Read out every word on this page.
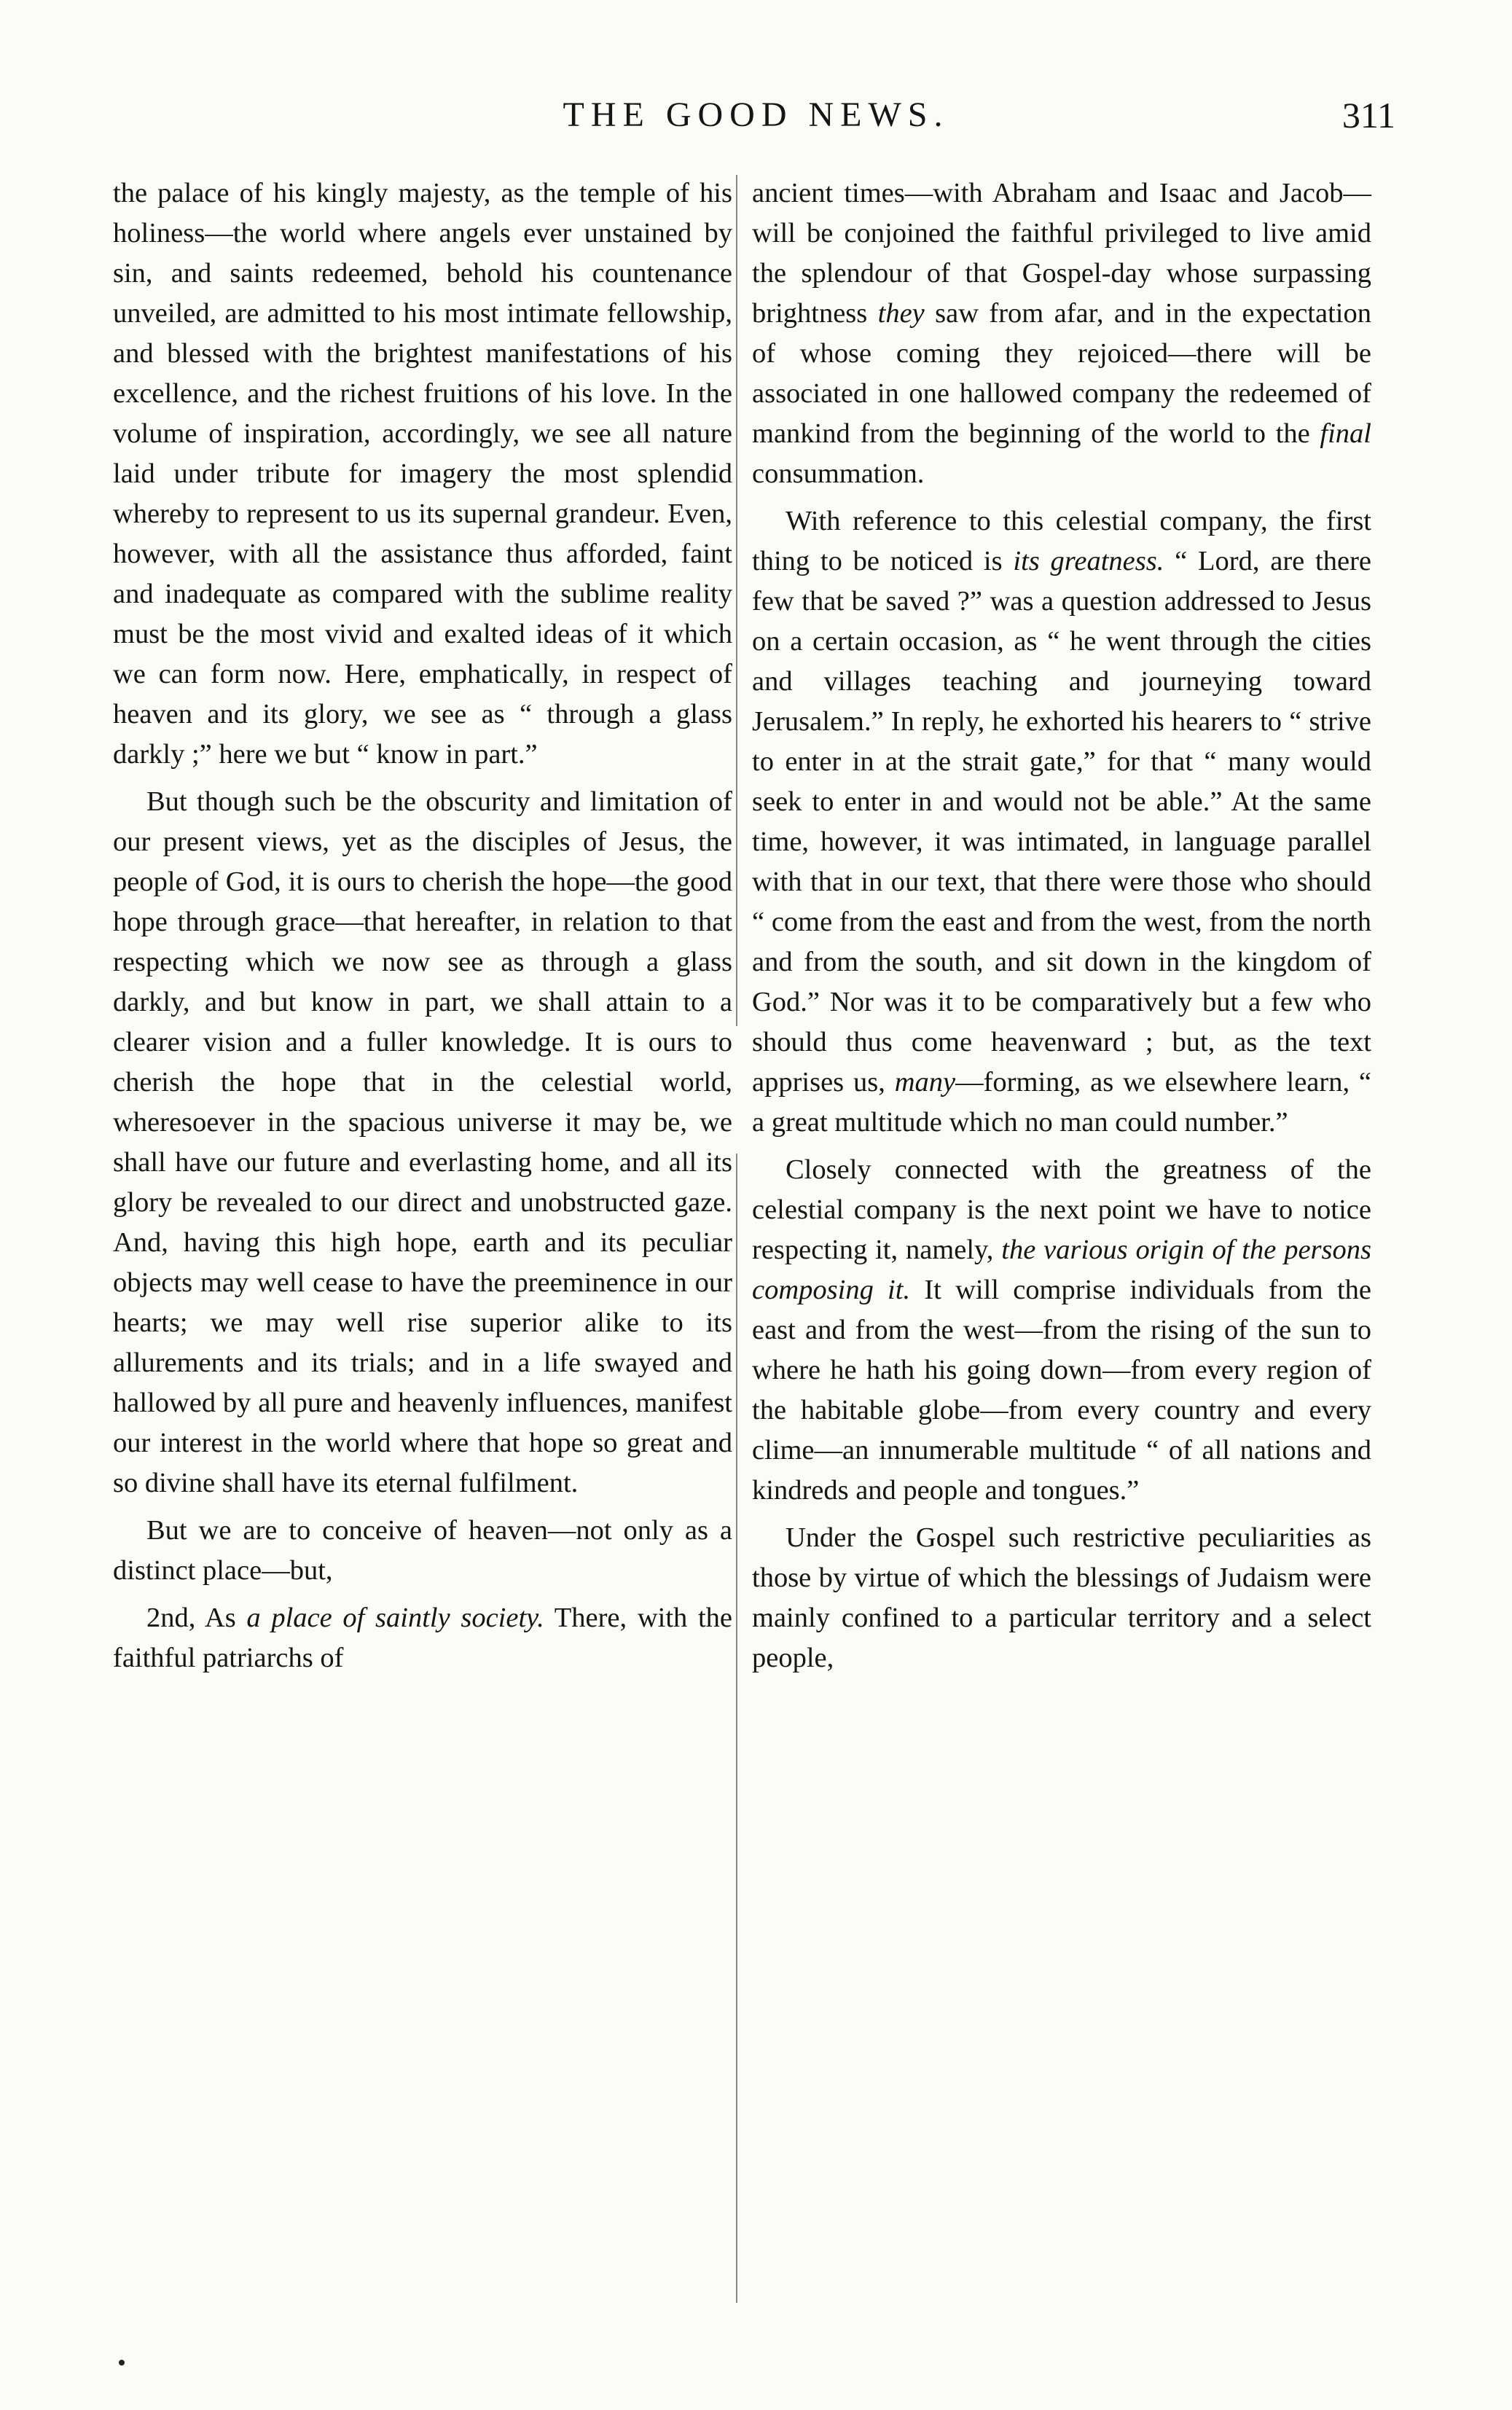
THE GOOD NEWS.	311

the palace of his kingly majesty, as the temple of his holiness—the world where angels ever unstained by sin, and saints redeemed, behold his countenance unveiled, are admitted to his most intimate fellowship, and blessed with the brightest manifestations of his excellence, and the richest fruitions of his love. In the volume of inspiration, accordingly, we see all nature laid under tribute for imagery the most splendid whereby to represent to us its supernal grandeur. Even, however, with all the assistance thus afforded, faint and inadequate as compared with the sublime reality must be the most vivid and exalted ideas of it which we can form now. Here, emphatically, in respect of heaven and its glory, we see as “ through a glass darkly ;” here we but “ know in part.”

But though such be the obscurity and limitation of our present views, yet as the disciples of Jesus, the people of God, it is ours to cherish the hope—the good hope through grace—that hereafter, in relation to that respecting which we now see as through a glass darkly, and but know in part, we shall attain to a clearer vision and a fuller knowledge. It is ours to cherish the hope that in the celestial world, wheresoever in the spacious universe it may be, we shall have our future and everlasting home, and all its glory be revealed to our direct and unobstructed gaze. And, having this high hope, earth and its peculiar objects may well cease to have the preeminence in our hearts; we may well rise superior alike to its allurements and its trials; and in a life swayed and hallowed by all pure and heavenly influences, manifest our interest in the world where that hope so great and so divine shall have its eternal fulfilment.

But we are to conceive of heaven—not only as a distinct place—but,

2nd, As a place of saintly society. There, with the faithful patriarchs of

ancient times—with Abraham and Isaac and Jacob—will be conjoined the faithful privileged to live amid the splendour of that Gospel-day whose surpassing brightness they saw from afar, and in the expectation of whose coming they rejoiced—there will be associated in one hallowed company the redeemed of mankind from the beginning of the world to the final consummation.

With reference to this celestial company, the first thing to be noticed is its greatness. “ Lord, are there few that be saved ?” was a question addressed to Jesus on a certain occasion, as “ he went through the cities and villages teaching and journeying toward Jerusalem.” In reply, he exhorted his hearers to “ strive to enter in at the strait gate,” for that “ many would seek to enter in and would not be able.” At the same time, however, it was intimated, in language parallel with that in our text, that there were those who should “ come from the east and from the west, from the north and from the south, and sit down in the kingdom of God.” Nor was it to be comparatively but a few who should thus come heavenward ; but, as the text apprises us, many—forming, as we elsewhere learn, “ a great multitude which no man could number.”

Closely connected with the greatness of the celestial company is the next point we have to notice respecting it, namely, the various origin of the persons composing it. It will comprise individuals from the east and from the west—from the rising of the sun to where he hath his going down—from every region of the habitable globe—from every country and every clime—an innumerable multitude “ of all nations and kindreds and people and tongues.”

Under the Gospel such restrictive peculiarities as those by virtue of which the blessings of Judaism were mainly confined to a particular territory and a select people,
